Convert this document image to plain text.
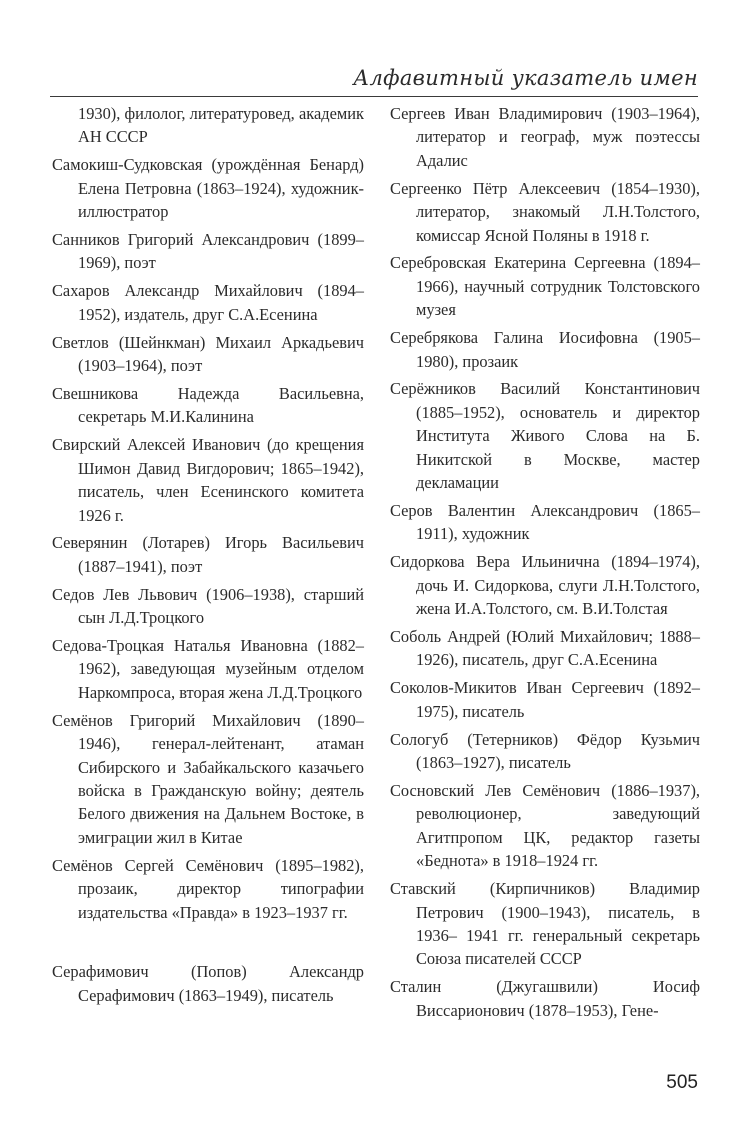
Алфавитный указатель имен

1930), филолог, литературовед, академик АН СССР

Самокиш-Судковская (урождённая Бенард) Елена Петровна (1863–1924), художник-иллюстратор

Санников Григорий Александрович (1899–1969), поэт

Сахаров Александр Михайлович (1894–1952), издатель, друг С.А.Есенина

Светлов (Шейнкман) Михаил Аркадьевич (1903–1964), поэт

Свешникова Надежда Васильевна, секретарь М.И.Калинина

Свирский Алексей Иванович (до крещения Шимон Давид Вигдорович; 1865–1942), писатель, член Есенинского комитета 1926 г.

Северянин (Лотарев) Игорь Васильевич (1887–1941), поэт

Седов Лев Львович (1906–1938), старший сын Л.Д.Троцкого

Седова-Троцкая Наталья Ивановна (1882–1962), заведующая музейным отделом Наркомпроса, вторая жена Л.Д.Троцкого

Семёнов Григорий Михайлович (1890–1946), генерал-лейтенант, атаман Сибирского и Забайкальского казачьего войска в Гражданскую войну; деятель Белого движения на Дальнем Востоке, в эмиграции жил в Китае

Семёнов Сергей Семёнович (1895–1982), прозаик, директор типографии издательства «Правда» в 1923–1937 гг.

Серафимович (Попов) Александр Серафимович (1863–1949), писатель

Сергеев Иван Владимирович (1903–1964), литератор и географ, муж поэтессы Адалис

Сергеенко Пётр Алексеевич (1854–1930), литератор, знакомый Л.Н.Толстого, комиссар Ясной Поляны в 1918 г.

Серебровская Екатерина Сергеевна (1894–1966), научный сотрудник Толстовского музея

Серебрякова Галина Иосифовна (1905–1980), прозаик

Серёжников Василий Константинович (1885–1952), основатель и директор Института Живого Слова на Б. Никитской в Москве, мастер декламации

Серов Валентин Александрович (1865–1911), художник

Сидоркова Вера Ильинична (1894–1974), дочь И. Сидоркова, слуги Л.Н.Толстого, жена И.А.Толстого, см. В.И.Толстая

Соболь Андрей (Юлий Михайлович; 1888–1926), писатель, друг С.А.Есенина

Соколов-Микитов Иван Сергеевич (1892–1975), писатель

Сологуб (Тетерников) Фёдор Кузьмич (1863–1927), писатель

Сосновский Лев Семёнович (1886–1937), революционер, заведующий Агитпропом ЦК, редактор газеты «Беднота» в 1918–1924 гг.

Ставский (Кирпичников) Владимир Петрович (1900–1943), писатель, в 1936– 1941 гг. генеральный секретарь Союза писателей СССР

Сталин (Джугашвили) Иосиф Виссарионович (1878–1953), Гене-

505
